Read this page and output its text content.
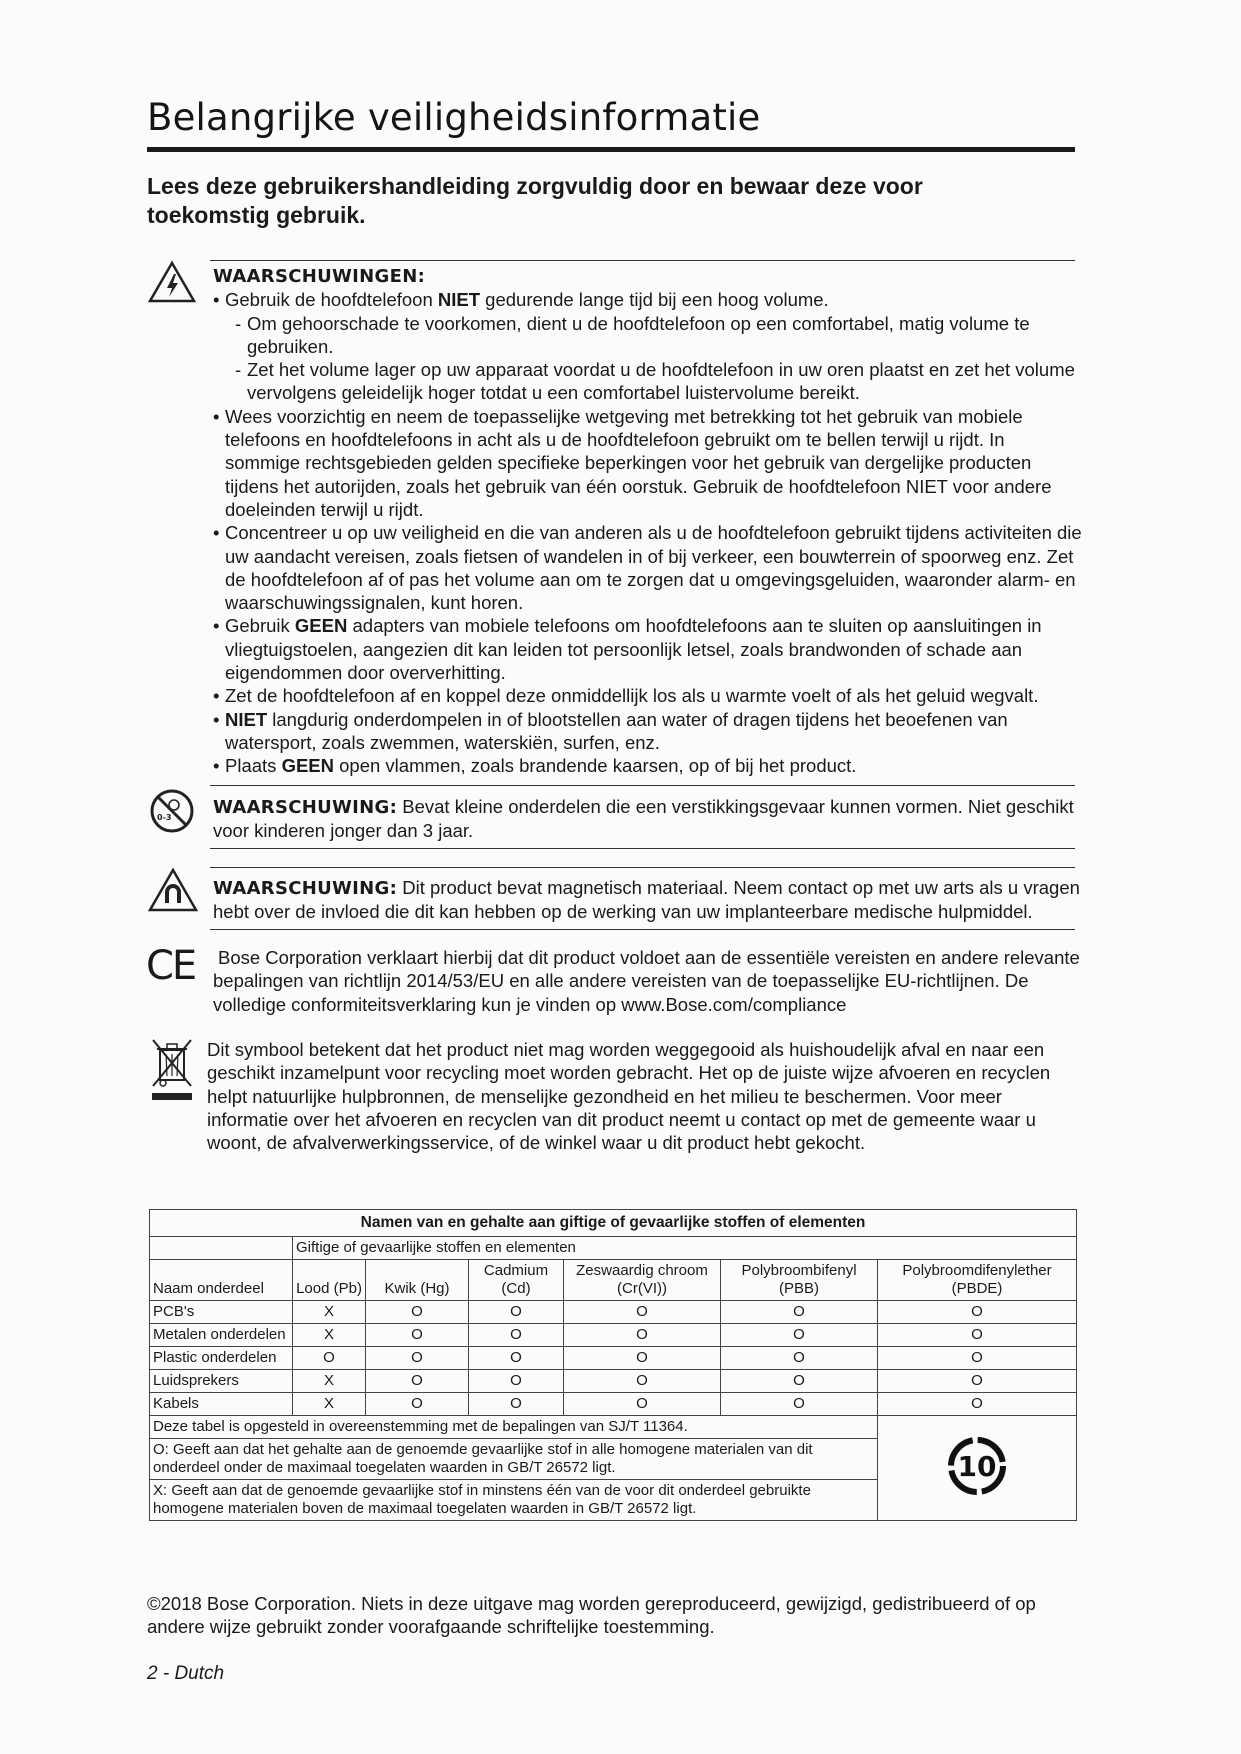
Belangrijke veiligheidsinformatie

Lees deze gebruikershandleiding zorgvuldig door en bewaar deze voor toekomstig gebruik.

WAARSCHUWINGEN:
• Gebruik de hoofdtelefoon NIET gedurende lange tijd bij een hoog volume.
- Om gehoorschade te voorkomen, dient u de hoofdtelefoon op een comfortabel, matig volume te gebruiken.
- Zet het volume lager op uw apparaat voordat u de hoofdtelefoon in uw oren plaatst en zet het volume vervolgens geleidelijk hoger totdat u een comfortabel luistervolume bereikt.
• Wees voorzichtig en neem de toepasselijke wetgeving met betrekking tot het gebruik van mobiele telefoons en hoofdtelefoons in acht als u de hoofdtelefoon gebruikt om te bellen terwijl u rijdt. In sommige rechtsgebieden gelden specifieke beperkingen voor het gebruik van dergelijke producten tijdens het autorijden, zoals het gebruik van één oorstuk. Gebruik de hoofdtelefoon NIET voor andere doeleinden terwijl u rijdt.
• Concentreer u op uw veiligheid en die van anderen als u de hoofdtelefoon gebruikt tijdens activiteiten die uw aandacht vereisen, zoals fietsen of wandelen in of bij verkeer, een bouwterrein of spoorweg enz. Zet de hoofdtelefoon af of pas het volume aan om te zorgen dat u omgevingsgeluiden, waaronder alarm- en waarschuwingssignalen, kunt horen.
• Gebruik GEEN adapters van mobiele telefoons om hoofdtelefoons aan te sluiten op aansluitingen in vliegtuigstoelen, aangezien dit kan leiden tot persoonlijk letsel, zoals brandwonden of schade aan eigendommen door oververhitting.
• Zet de hoofdtelefoon af en koppel deze onmiddellijk los als u warmte voelt of als het geluid wegvalt.
• NIET langdurig onderdompelen in of blootstellen aan water of dragen tijdens het beoefenen van watersport, zoals zwemmen, waterskiën, surfen, enz.
• Plaats GEEN open vlammen, zoals brandende kaarsen, op of bij het product.
0-3 WAARSCHUWING: Bevat kleine onderdelen die een verstikkingsgevaar kunnen vormen. Niet geschikt voor kinderen jonger dan 3 jaar.
WAARSCHUWING: Dit product bevat magnetisch materiaal. Neem contact op met uw arts als u vragen hebt over de invloed die dit kan hebben op de werking van uw implanteerbare medische hulpmiddel.
CE Bose Corporation verklaart hierbij dat dit product voldoet aan de essentiële vereisten en andere relevante bepalingen van richtlijn 2014/53/EU en alle andere vereisten van de toepasselijke EU-richtlijnen. De volledige conformiteitsverklaring kun je vinden op www.Bose.com/compliance
Dit symbool betekent dat het product niet mag worden weggegooid als huishoudelijk afval en naar een geschikt inzamelpunt voor recycling moet worden gebracht. Het op de juiste wijze afvoeren en recyclen helpt natuurlijke hulpbronnen, de menselijke gezondheid en het milieu te beschermen. Voor meer informatie over het afvoeren en recyclen van dit product neemt u contact op met de gemeente waar u woont, de afvalverwerkingsservice, of de winkel waar u dit product hebt gekocht.
Namen van en gehalte aan giftige of gevaarlijke stoffen of elementen						
	Giftige of gevaarlijke stoffen en elementen					
Naam onderdeel	Lood (Pb)	Kwik (Hg)	Cadmium (Cd)	Zeswaardig chroom (Cr(VI))	Polybroombifenyl (PBB)	Polybroomdifenylether (PBDE)
PCB's	X	O	O	O	O	O
Metalen onderdelen	X	O	O	O	O	O
Plastic onderdelen	O	O	O	O	O	O
Luidsprekers	X	O	O	O	O	O
Kabels	X	O	O	O	O	O
Deze tabel is opgesteld in overeenstemming met de bepalingen van SJ/T 11364.						10

O: Geeft aan dat het gehalte aan de genoemde gevaarlijke stof in alle homogene materialen van dit onderdeel onder de maximaal toegelaten waarden in GB/T 26572 ligt.						
X: Geeft aan dat de genoemde gevaarlijke stof in minstens één van de voor dit onderdeel gebruikte homogene materialen boven de maximaal toegelaten waarden in GB/T 26572 ligt.						
©2018 Bose Corporation. Niets in deze uitgave mag worden gereproduceerd, gewijzigd, gedistribueerd of op andere wijze gebruikt zonder voorafgaande schriftelijke toestemming.
2 - Dutch
